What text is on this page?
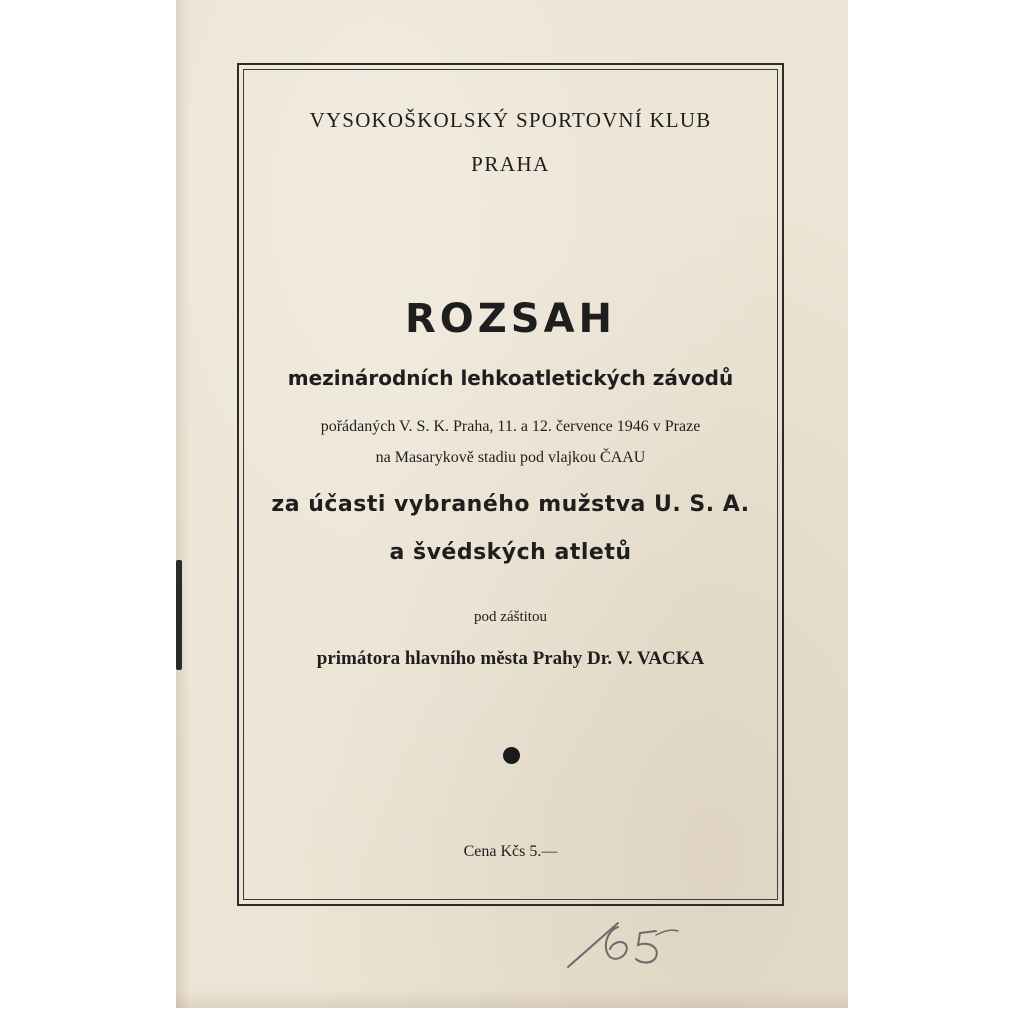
VYSOKOŠKOLSKÝ SPORTOVNÍ KLUB
PRAHA
ROZSAH
mezinárodních lehkoatletických závodů
pořádaných V. S. K. Praha, 11. a 12. července 1946 v Praze
na Masarykově stadiu pod vlajkou ČAAU
za účasti vybraného mužstva U. S. A.
a švédských atletů
pod záštitou
primátora hlavního města Prahy Dr. V. VACKA
Cena Kčs 5.—
